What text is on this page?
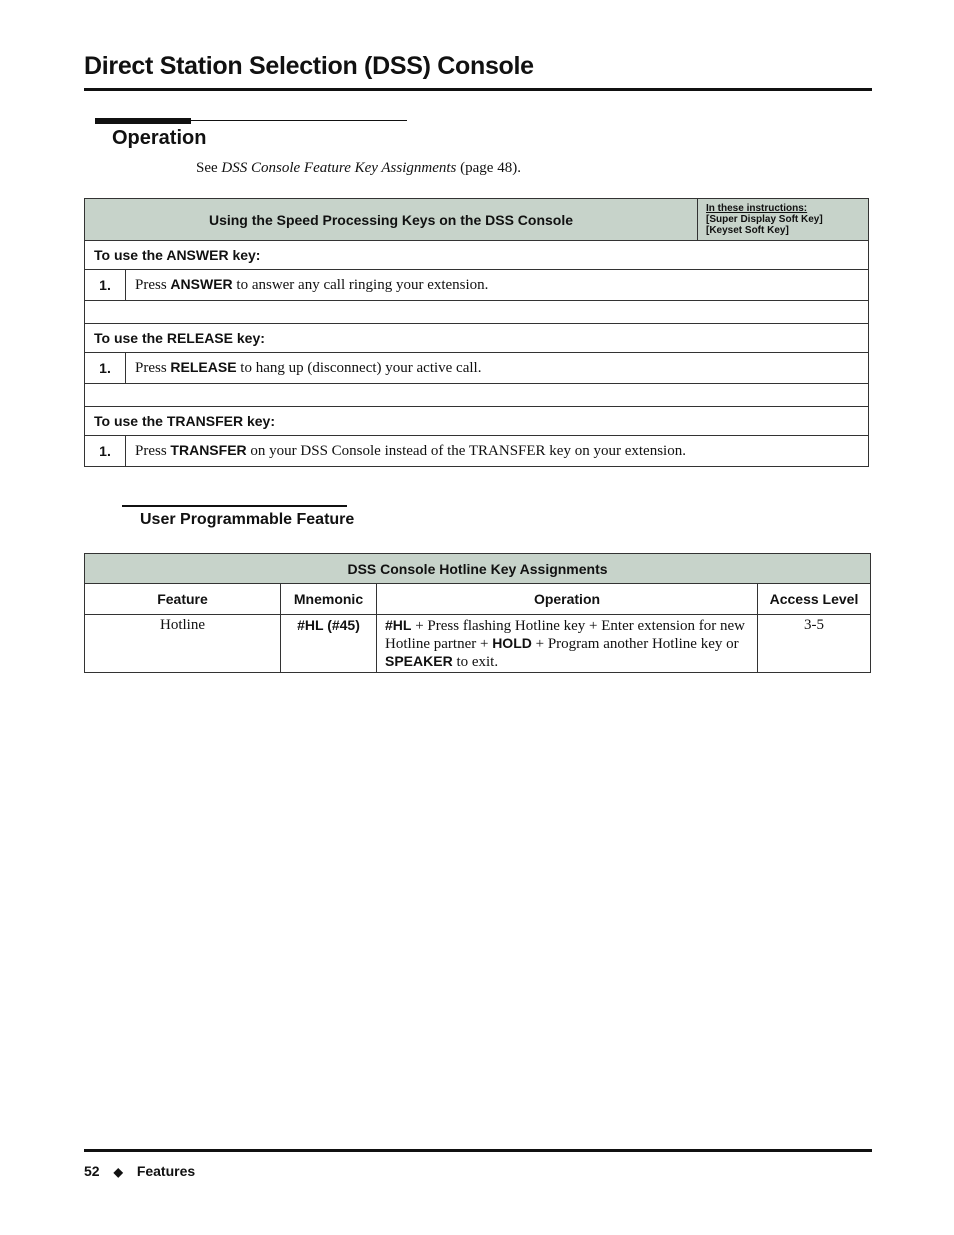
Direct Station Selection (DSS) Console
Operation
See DSS Console Feature Key Assignments (page 48).
Using the Speed Processing Keys on the DSS Console		In these instructions:
[Super Display Soft Key]
[Keyset Soft Key]

To use the ANSWER key:		
1.	Press ANSWER to answer any call ringing your extension.	

To use the RELEASE key:		
1.	Press RELEASE to hang up (disconnect) your active call.	

To use the TRANSFER key:		
1.	Press TRANSFER on your DSS Console instead of the TRANSFER key on your extension.	
User Programmable Feature
DSS Console Hotline Key Assignments			
Feature	Mnemonic	Operation	Access Level
Hotline	#HL (#45)	#HL + Press flashing Hotline key + Enter extension for new Hotline partner + HOLD + Program another Hotline key or SPEAKER to exit.	3-5
52 ◆ Features
